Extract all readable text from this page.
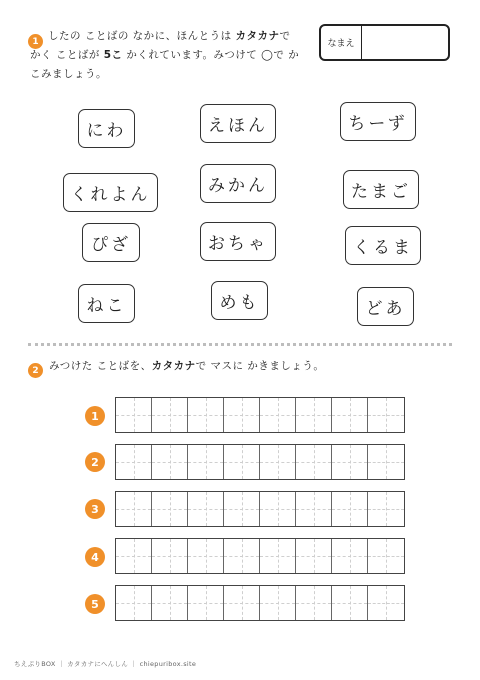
1 したの ことばの なかに、ほんとうは カタカナで
かく ことばが 5こ かくれています。みつけて ◯で か
こみましょう。
なまえ
にわ	えほん	ちーず
くれよん	みかん	たまご
ぴざ	おちゃ	くるま
ねこ	めも	どあ
2 みつけた ことばを、カタカナで マスに かきましょう。
1
2
3
4
5
ちえぷりBOX ｜ カタカナにへんしん ｜ chiepuribox.site
